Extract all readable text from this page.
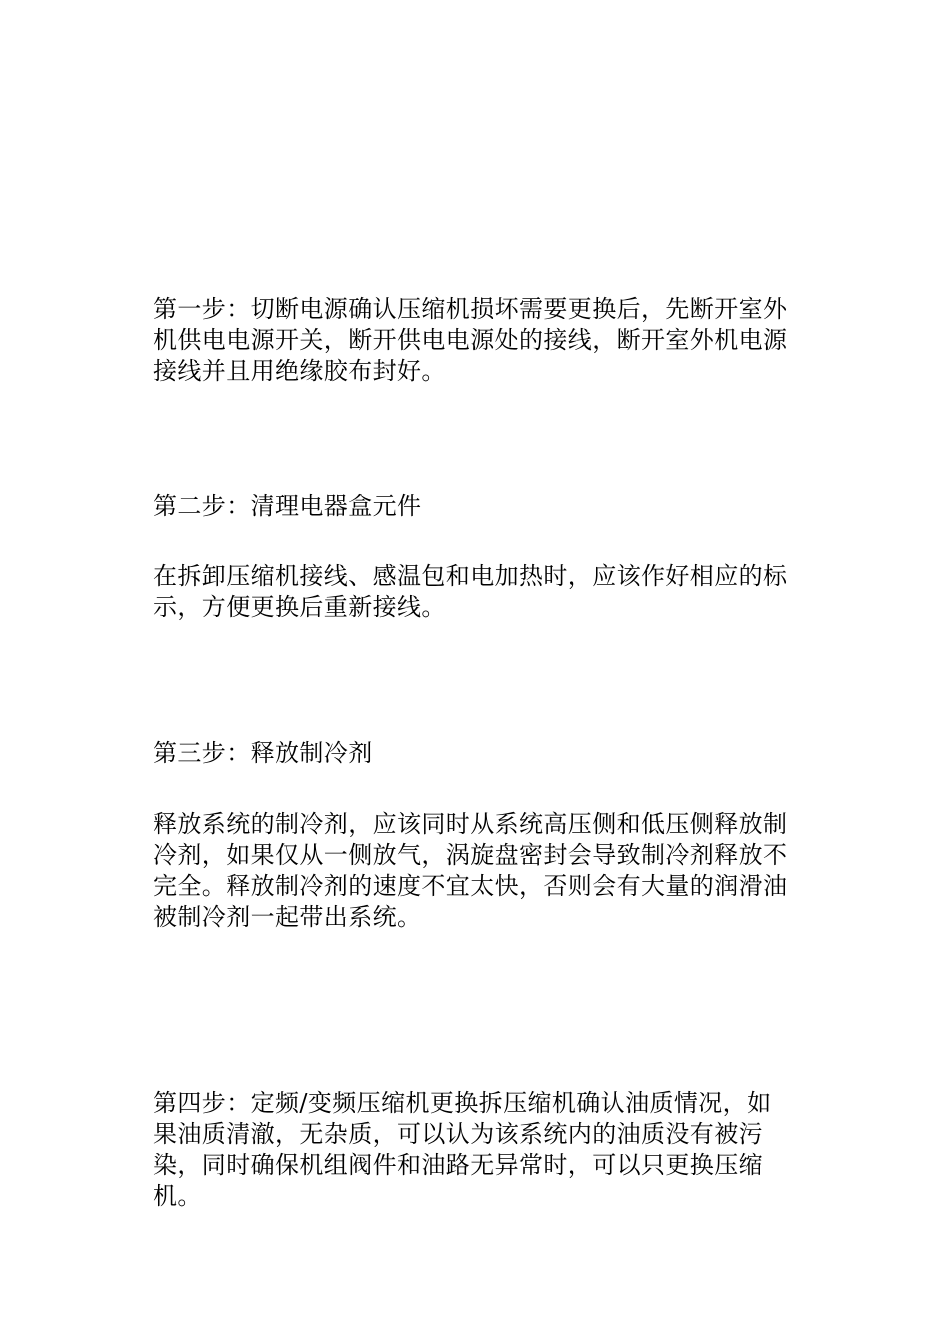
第一步：切断电源确认压缩机损坏需要更换后，先断开室外机供电电源开关，断开供电电源处的接线，断开室外机电源接线并且用绝缘胶布封好。

第二步：清理电器盒元件

在拆卸压缩机接线、感温包和电加热时，应该作好相应的标示，方便更换后重新接线。

第三步：释放制冷剂

释放系统的制冷剂，应该同时从系统高压侧和低压侧释放制冷剂，如果仅从一侧放气，涡旋盘密封会导致制冷剂释放不完全。释放制冷剂的速度不宜太快，否则会有大量的润滑油被制冷剂一起带出系统。

第四步：定频/变频压缩机更换拆压缩机确认油质情况，如果油质清澈，无杂质，可以认为该系统内的油质没有被污染，同时确保机组阀件和油路无异常时，可以只更换压缩机。
